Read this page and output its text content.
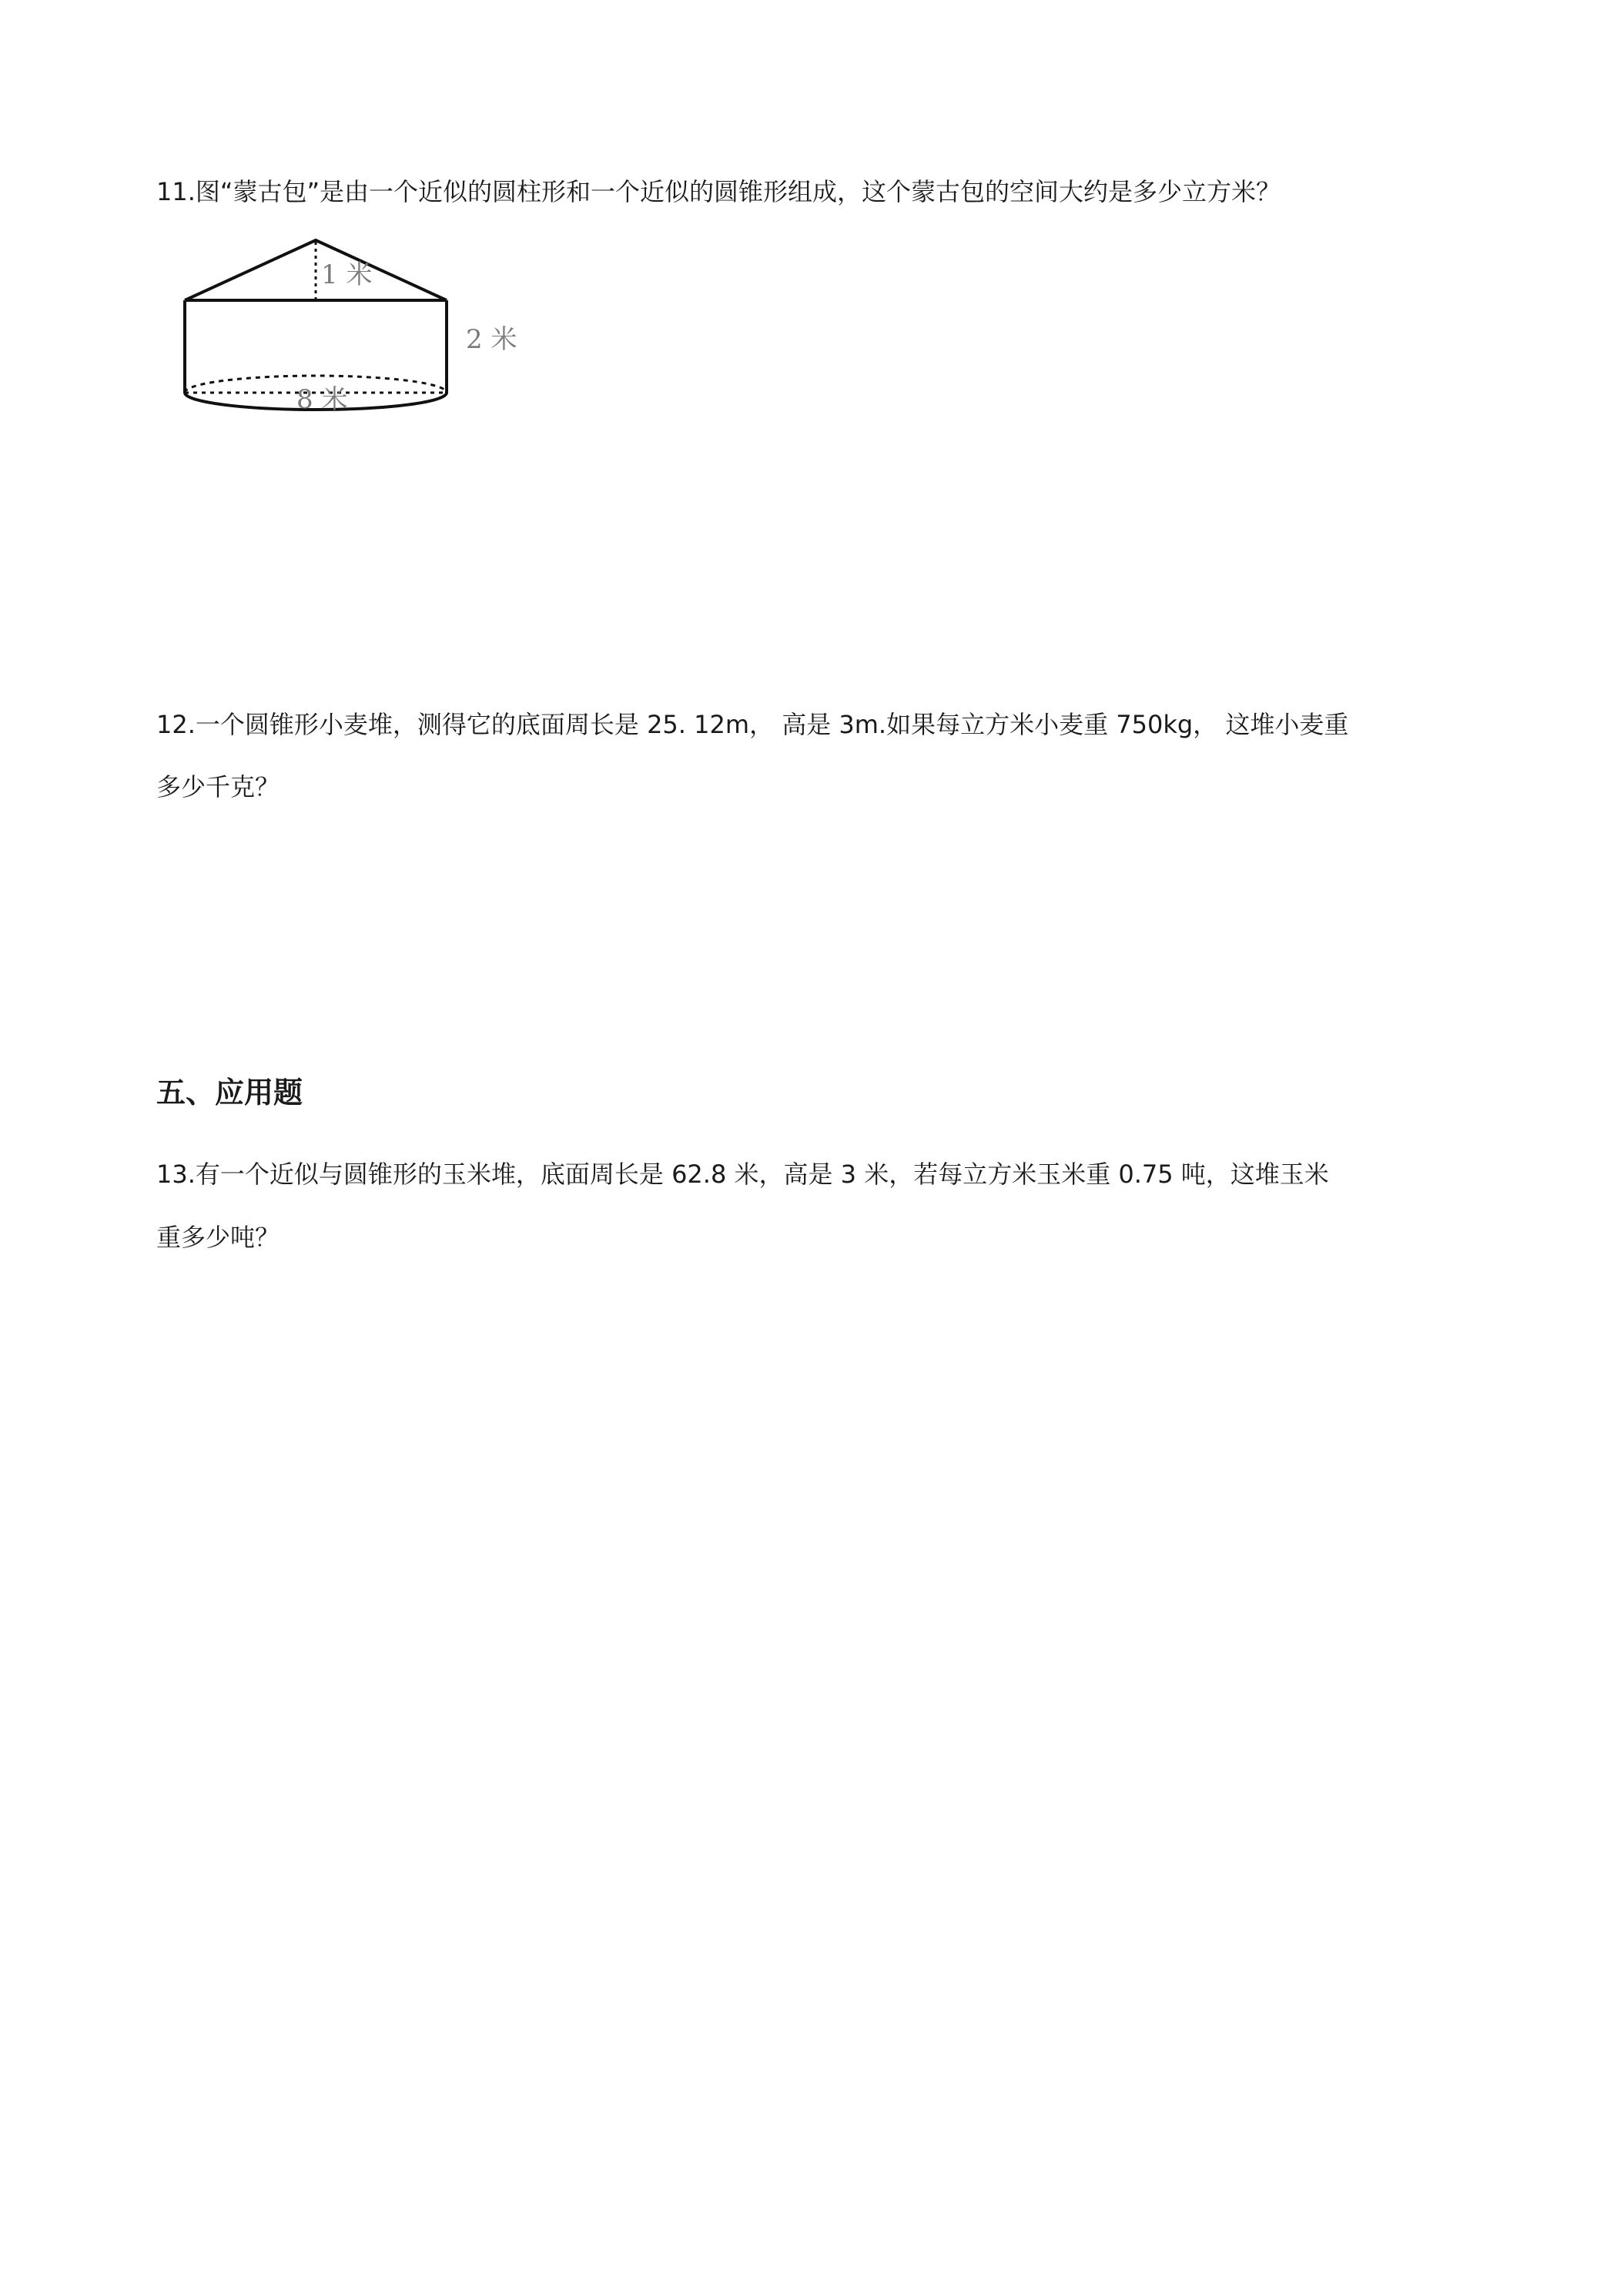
11.图“蒙古包”是由一个近似的圆柱形和一个近似的圆锥形组成，这个蒙古包的空间大约是多少立方米？
1 米
2 米
8 米
12.一个圆锥形小麦堆，测得它的底面周长是 25. 12m， 高是 3m.如果每立方米小麦重 750kg， 这堆小麦重
多少千克？
五、应用题
13.有一个近似与圆锥形的玉米堆，底面周长是 62.8 米，高是 3 米，若每立方米玉米重 0.75 吨，这堆玉米
重多少吨？
